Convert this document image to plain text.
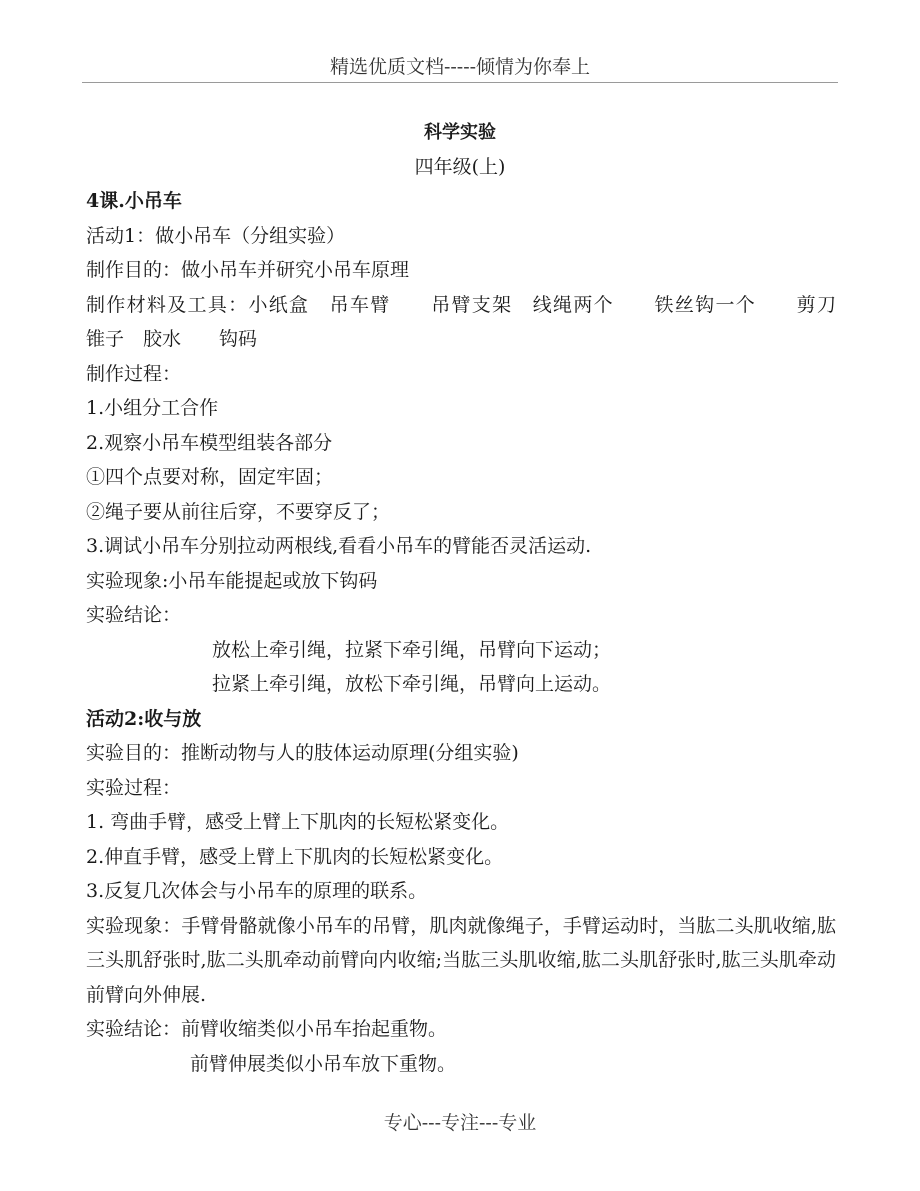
精选优质文档-----倾情为你奉上
科学实验
四年级(上)
4课.小吊车
活动1：做小吊车（分组实验）
制作目的：做小吊车并研究小吊车原理
制作材料及工具：小纸盒　吊车臂　　吊臂支架　线绳两个　　铁丝钩一个　　剪刀　　锥子　胶水　　钩码
制作过程：
1.小组分工合作
2.观察小吊车模型组装各部分
①四个点要对称，固定牢固；
②绳子要从前往后穿，不要穿反了；
3.调试小吊车分别拉动两根线,看看小吊车的臂能否灵活运动.
实验现象:小吊车能提起或放下钩码
实验结论：
放松上牵引绳，拉紧下牵引绳，吊臂向下运动；
拉紧上牵引绳，放松下牵引绳，吊臂向上运动。
活动2:收与放
实验目的：推断动物与人的肢体运动原理(分组实验)
实验过程：
1. 弯曲手臂，感受上臂上下肌肉的长短松紧变化。
2.伸直手臂，感受上臂上下肌肉的长短松紧变化。
3.反复几次体会与小吊车的原理的联系。
实验现象：手臂骨骼就像小吊车的吊臂，肌肉就像绳子，手臂运动时，当肱二头肌收缩,肱三头肌舒张时,肱二头肌牵动前臂向内收缩;当肱三头肌收缩,肱二头肌舒张时,肱三头肌牵动前臂向外伸展.
实验结论：前臂收缩类似小吊车抬起重物。
前臂伸展类似小吊车放下重物。
专心---专注---专业
